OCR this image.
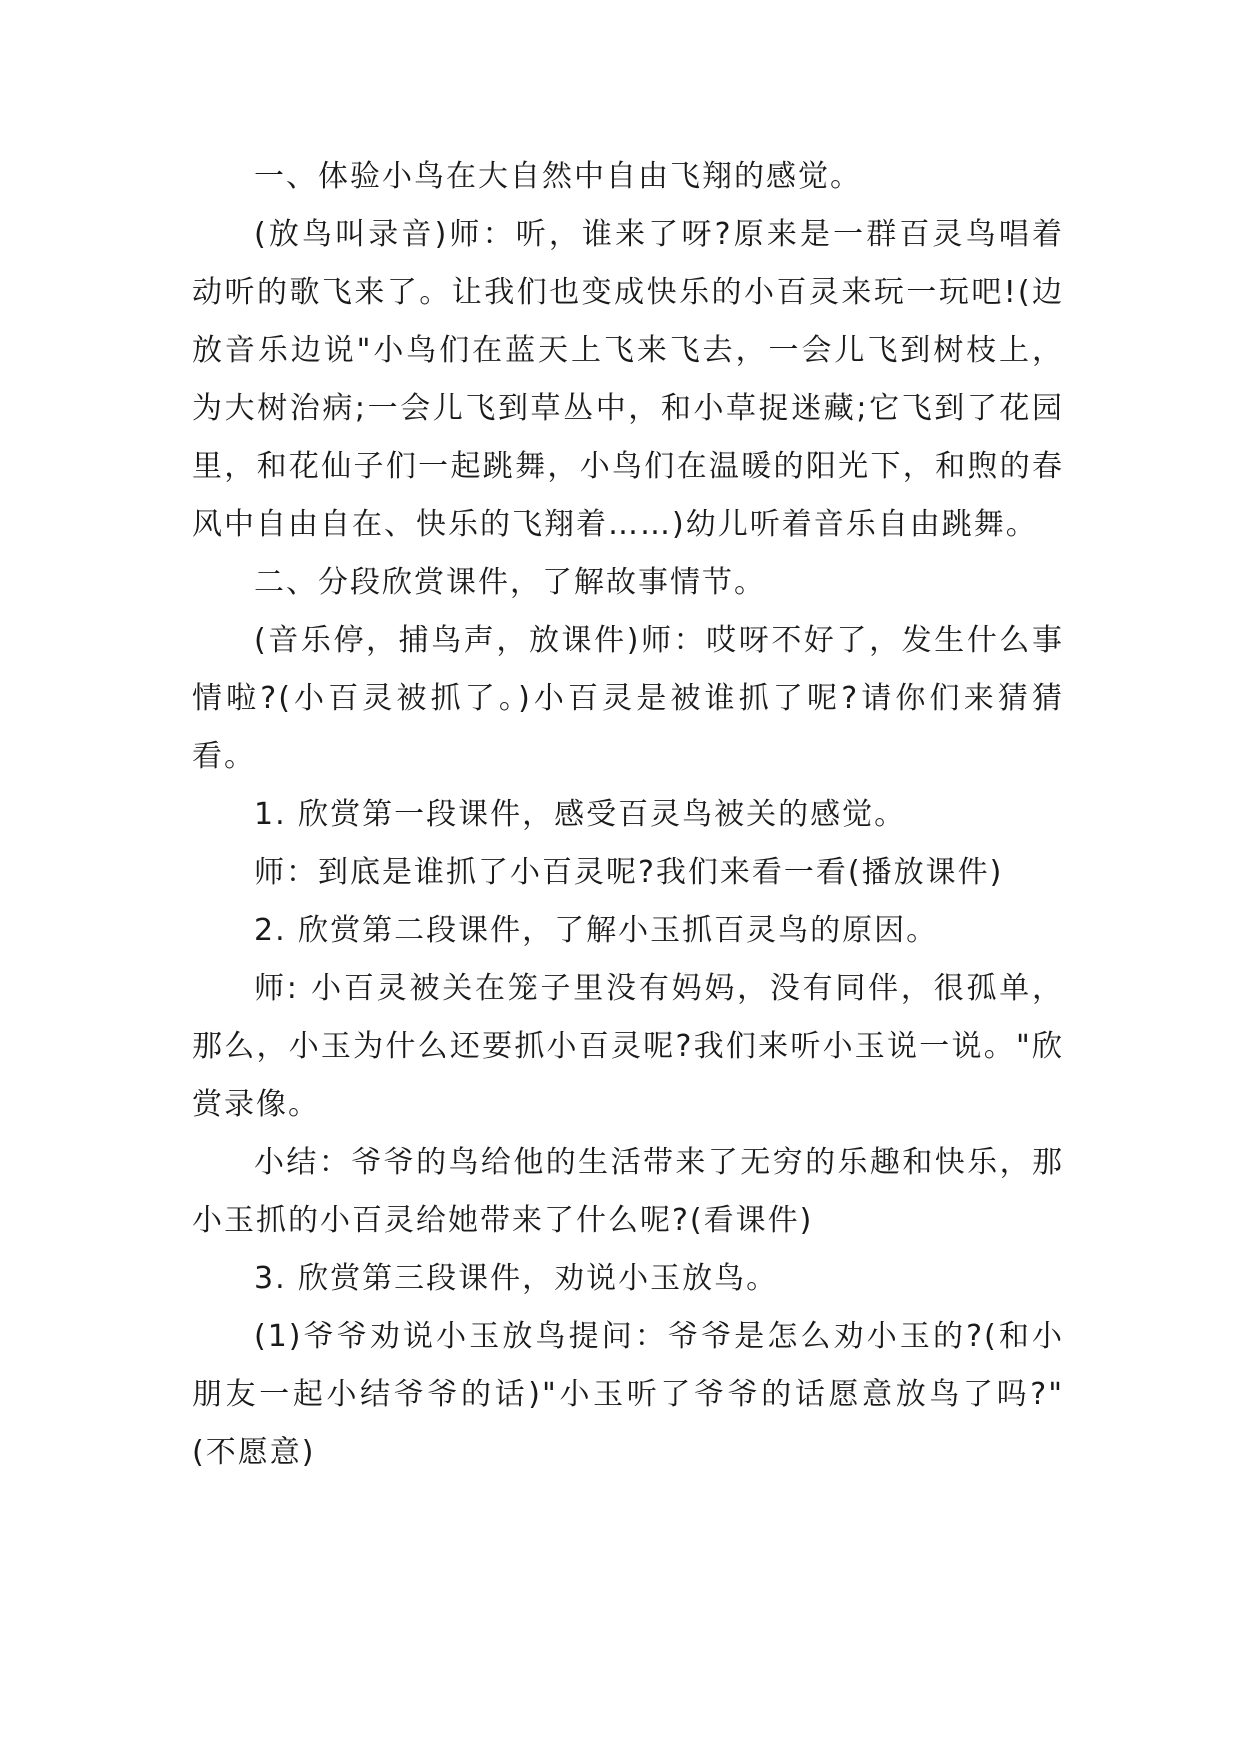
一、体验小鸟在大自然中自由飞翔的感觉。

(放鸟叫录音)师：听，谁来了呀?原来是一群百灵鸟唱着动听的歌飞来了。让我们也变成快乐的小百灵来玩一玩吧!(边放音乐边说"小鸟们在蓝天上飞来飞去，一会儿飞到树枝上，为大树治病;一会儿飞到草丛中，和小草捉迷藏;它飞到了花园里，和花仙子们一起跳舞，小鸟们在温暖的阳光下，和煦的春风中自由自在、快乐的飞翔着……)幼儿听着音乐自由跳舞。

二、分段欣赏课件，了解故事情节。

(音乐停，捕鸟声，放课件)师：哎呀不好了，发生什么事情啦?(小百灵被抓了。)小百灵是被谁抓了呢?请你们来猜猜看。

1. 欣赏第一段课件，感受百灵鸟被关的感觉。

师：到底是谁抓了小百灵呢?我们来看一看(播放课件)

2. 欣赏第二段课件，了解小玉抓百灵鸟的原因。

师: 小百灵被关在笼子里没有妈妈，没有同伴，很孤单，那么，小玉为什么还要抓小百灵呢?我们来听小玉说一说。"欣赏录像。

小结：爷爷的鸟给他的生活带来了无穷的乐趣和快乐，那小玉抓的小百灵给她带来了什么呢?(看课件)

3. 欣赏第三段课件，劝说小玉放鸟。

(1)爷爷劝说小玉放鸟提问：爷爷是怎么劝小玉的?(和小朋友一起小结爷爷的话)"小玉听了爷爷的话愿意放鸟了吗?"(不愿意)
